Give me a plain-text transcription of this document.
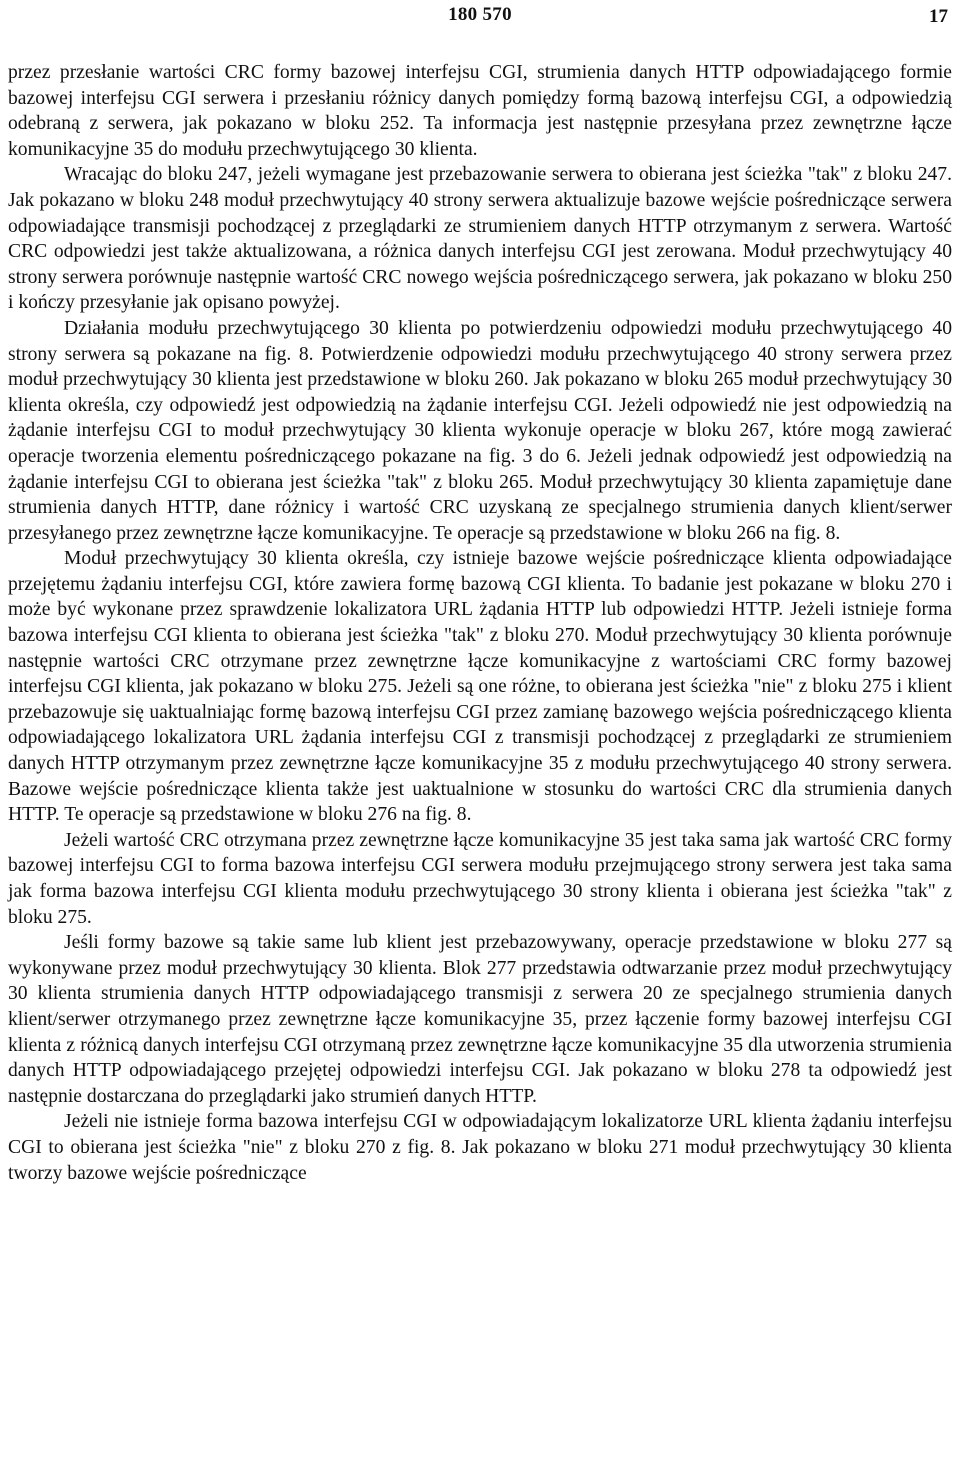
180 570	17

przez przesłanie wartości CRC formy bazowej interfejsu CGI, strumienia danych HTTP odpowiadającego formie bazowej interfejsu CGI serwera i przesłaniu różnicy danych pomiędzy formą bazową interfejsu CGI, a odpowiedzią odebraną z serwera, jak pokazano w bloku 252. Ta informacja jest następnie przesyłana przez zewnętrzne łącze komunikacyjne 35 do modułu przechwytującego 30 klienta.

Wracając do bloku 247, jeżeli wymagane jest przebazowanie serwera to obierana jest ścieżka "tak" z bloku 247. Jak pokazano w bloku 248 moduł przechwytujący 40 strony serwera aktualizuje bazowe wejście pośredniczące serwera odpowiadające transmisji pochodzącej z przeglądarki ze strumieniem danych HTTP otrzymanym z serwera. Wartość CRC odpowiedzi jest także aktualizowana, a różnica danych interfejsu CGI jest zerowana. Moduł przechwytujący 40 strony serwera porównuje następnie wartość CRC nowego wejścia pośredniczącego serwera, jak pokazano w bloku 250 i kończy przesyłanie jak opisano powyżej.

Działania modułu przechwytującego 30 klienta po potwierdzeniu odpowiedzi modułu przechwytującego 40 strony serwera są pokazane na fig. 8. Potwierdzenie odpowiedzi modułu przechwytującego 40 strony serwera przez moduł przechwytujący 30 klienta jest przedstawione w bloku 260. Jak pokazano w bloku 265 moduł przechwytujący 30 klienta określa, czy odpowiedź jest odpowiedzią na żądanie interfejsu CGI. Jeżeli odpowiedź nie jest odpowiedzią na żądanie interfejsu CGI to moduł przechwytujący 30 klienta wykonuje operacje w bloku 267, które mogą zawierać operacje tworzenia elementu pośredniczącego pokazane na fig. 3 do 6. Jeżeli jednak odpowiedź jest odpowiedzią na żądanie interfejsu CGI to obierana jest ścieżka "tak" z bloku 265. Moduł przechwytujący 30 klienta zapamiętuje dane strumienia danych HTTP, dane różnicy i wartość CRC uzyskaną ze specjalnego strumienia danych klient/serwer przesyłanego przez zewnętrzne łącze komunikacyjne. Te operacje są przedstawione w bloku 266 na fig. 8.

Moduł przechwytujący 30 klienta określa, czy istnieje bazowe wejście pośredniczące klienta odpowiadające przejętemu żądaniu interfejsu CGI, które zawiera formę bazową CGI klienta. To badanie jest pokazane w bloku 270 i może być wykonane przez sprawdzenie lokalizatora URL żądania HTTP lub odpowiedzi HTTP. Jeżeli istnieje forma bazowa interfejsu CGI klienta to obierana jest ścieżka "tak" z bloku 270. Moduł przechwytujący 30 klienta porównuje następnie wartości CRC otrzymane przez zewnętrzne łącze komunikacyjne z wartościami CRC formy bazowej interfejsu CGI klienta, jak pokazano w bloku 275. Jeżeli są one różne, to obierana jest ścieżka "nie" z bloku 275 i klient przebazowuje się uaktualniając formę bazową interfejsu CGI przez zamianę bazowego wejścia pośredniczącego klienta odpowiadającego lokalizatora URL żądania interfejsu CGI z transmisji pochodzącej z przeglądarki ze strumieniem danych HTTP otrzymanym przez zewnętrzne łącze komunikacyjne 35 z modułu przechwytującego 40 strony serwera. Bazowe wejście pośredniczące klienta także jest uaktualnione w stosunku do wartości CRC dla strumienia danych HTTP. Te operacje są przedstawione w bloku 276 na fig. 8.

Jeżeli wartość CRC otrzymana przez zewnętrzne łącze komunikacyjne 35 jest taka sama jak wartość CRC formy bazowej interfejsu CGI to forma bazowa interfejsu CGI serwera modułu przejmującego strony serwera jest taka sama jak forma bazowa interfejsu CGI klienta modułu przechwytującego 30 strony klienta i obierana jest ścieżka "tak" z bloku 275.

Jeśli formy bazowe są takie same lub klient jest przebazowywany, operacje przedstawione w bloku 277 są wykonywane przez moduł przechwytujący 30 klienta. Blok 277 przedstawia odtwarzanie przez moduł przechwytujący 30 klienta strumienia danych HTTP odpowiadającego transmisji z serwera 20 ze specjalnego strumienia danych klient/serwer otrzymanego przez zewnętrzne łącze komunikacyjne 35, przez łączenie formy bazowej interfejsu CGI klienta z różnicą danych interfejsu CGI otrzymaną przez zewnętrzne łącze komunikacyjne 35 dla utworzenia strumienia danych HTTP odpowiadającego przejętej odpowiedzi interfejsu CGI. Jak pokazano w bloku 278 ta odpowiedź jest następnie dostarczana do przeglądarki jako strumień danych HTTP.

Jeżeli nie istnieje forma bazowa interfejsu CGI w odpowiadającym lokalizatorze URL klienta żądaniu interfejsu CGI to obierana jest ścieżka "nie" z bloku 270 z fig. 8. Jak pokazano w bloku 271 moduł przechwytujący 30 klienta tworzy bazowe wejście pośredniczące
